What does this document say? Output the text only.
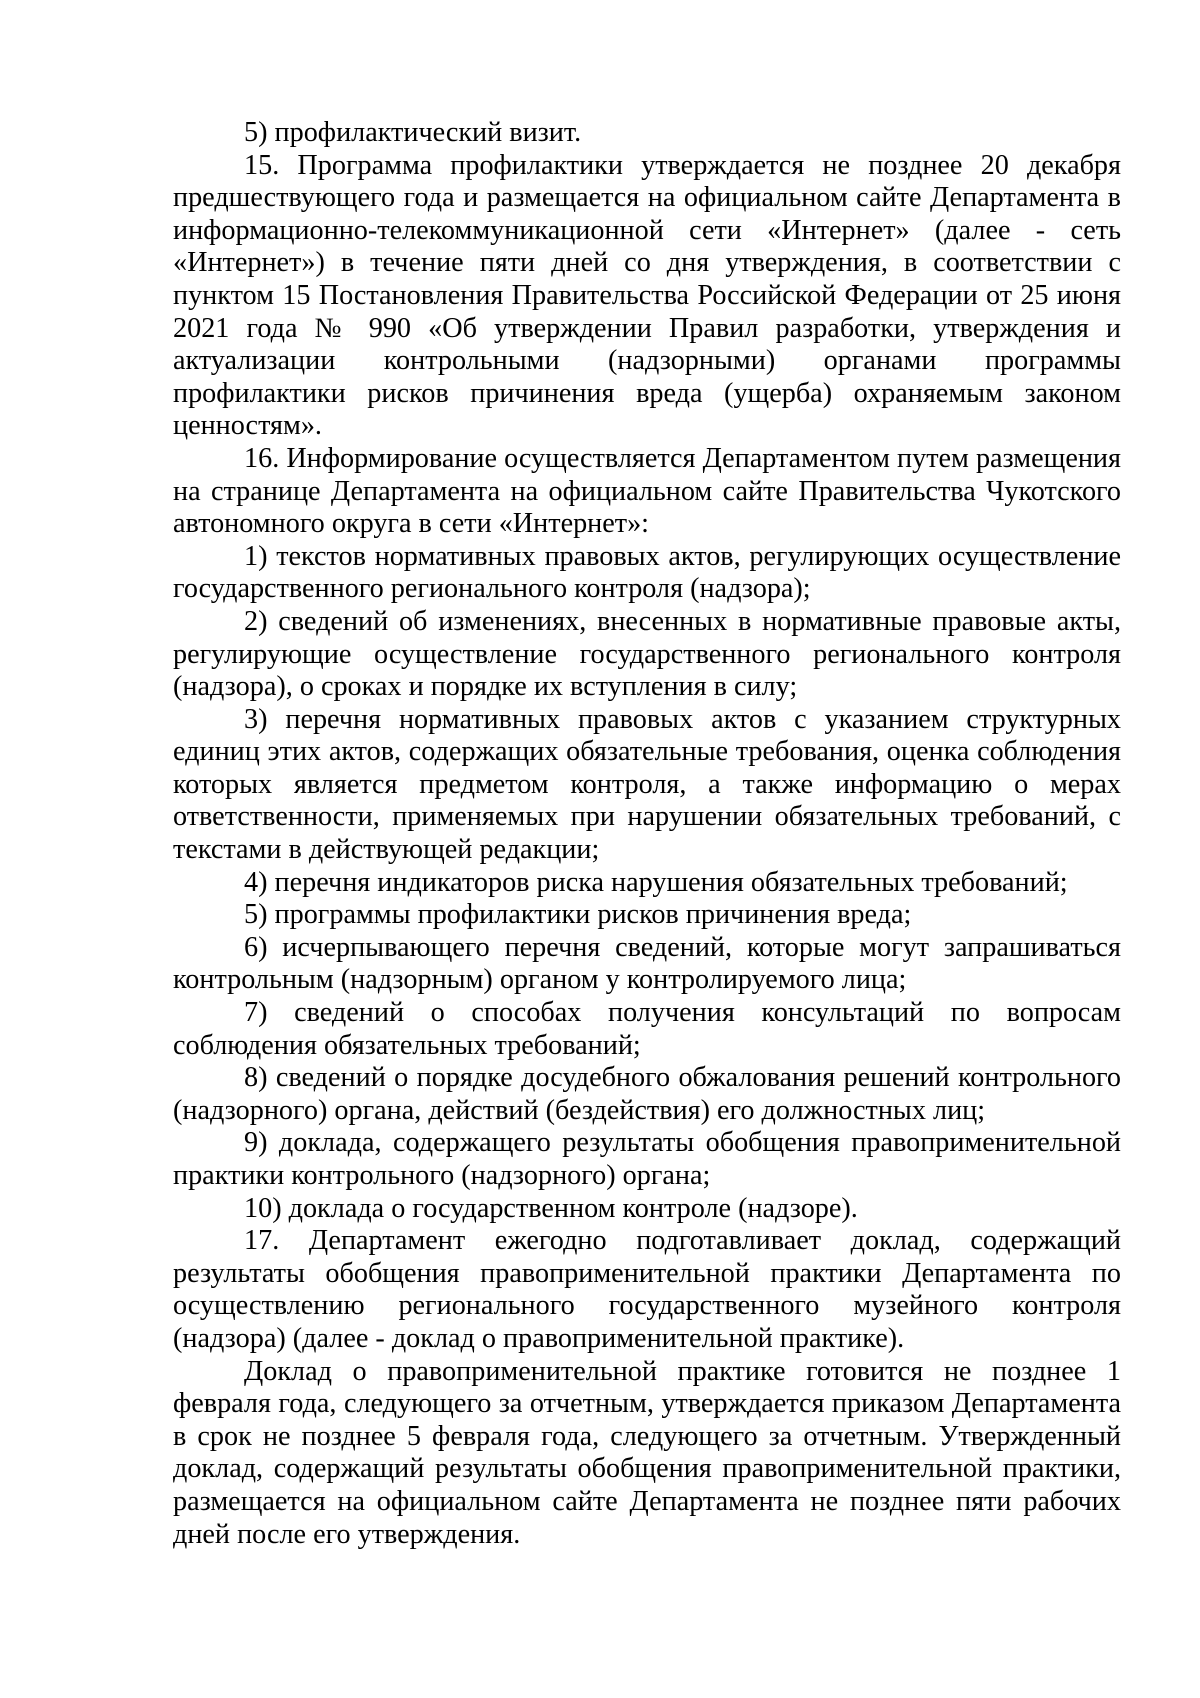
5) профилактический визит.

15. Программа профилактики утверждается не позднее 20 декабря предшествующего года и размещается на официальном сайте Департамента в информационно-телекоммуникационной сети «Интернет» (далее - сеть «Интернет») в течение пяти дней со дня утверждения, в соответствии с пунктом 15 Постановления Правительства Российской Федерации от 25 июня 2021 года № 990 «Об утверждении Правил разработки, утверждения и актуализации контрольными (надзорными) органами программы профилактики рисков причинения вреда (ущерба) охраняемым законом ценностям».

16. Информирование осуществляется Департаментом путем размещения на странице Департамента на официальном сайте Правительства Чукотского автономного округа в сети «Интернет»:

1) текстов нормативных правовых актов, регулирующих осуществление государственного регионального контроля (надзора);

2) сведений об изменениях, внесенных в нормативные правовые акты, регулирующие осуществление государственного регионального контроля (надзора), о сроках и порядке их вступления в силу;

3) перечня нормативных правовых актов с указанием структурных единиц этих актов, содержащих обязательные требования, оценка соблюдения которых является предметом контроля, а также информацию о мерах ответственности, применяемых при нарушении обязательных требований, с текстами в действующей редакции;

4) перечня индикаторов риска нарушения обязательных требований;

5) программы профилактики рисков причинения вреда;

6) исчерпывающего перечня сведений, которые могут запрашиваться контрольным (надзорным) органом у контролируемого лица;

7) сведений о способах получения консультаций по вопросам соблюдения обязательных требований;

8) сведений о порядке досудебного обжалования решений контрольного (надзорного) органа, действий (бездействия) его должностных лиц;

9) доклада, содержащего результаты обобщения правоприменительной практики контрольного (надзорного) органа;

10) доклада о государственном контроле (надзоре).

17. Департамент ежегодно подготавливает доклад, содержащий результаты обобщения правоприменительной практики Департамента по осуществлению регионального государственного музейного контроля (надзора) (далее - доклад о правоприменительной практике).

Доклад о правоприменительной практике готовится не позднее 1 февраля года, следующего за отчетным, утверждается приказом Департамента в срок не позднее 5 февраля года, следующего за отчетным. Утвержденный доклад, содержащий результаты обобщения правоприменительной практики, размещается на официальном сайте Департамента не позднее пяти рабочих дней после его утверждения.
